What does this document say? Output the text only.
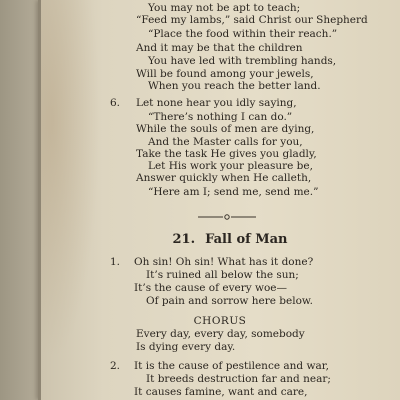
You may not be apt to teach;
“Feed my lambs,” said Christ our Shepherd
“Place the food within their reach.”
And it may be that the children
You have led with trembling hands,
Will be found among your jewels,
When you reach the better land.
6. Let none hear you idly saying,
“There’s nothing I can do.”
While the souls of men are dying,
And the Master calls for you,
Take the task He gives you gladly,
Let His work your pleasure be,
Answer quickly when He calleth,
“Here am I; send me, send me.”
21. Fall of Man
1. Oh sin! Oh sin! What has it done?
It’s ruined all below the sun;
It’s the cause of every woe—
Of pain and sorrow here below.
CHORUS
Every day, every day, somebody
Is dying every day.
2. It is the cause of pestilence and war,
It breeds destruction far and near;
It causes famine, want and care,
